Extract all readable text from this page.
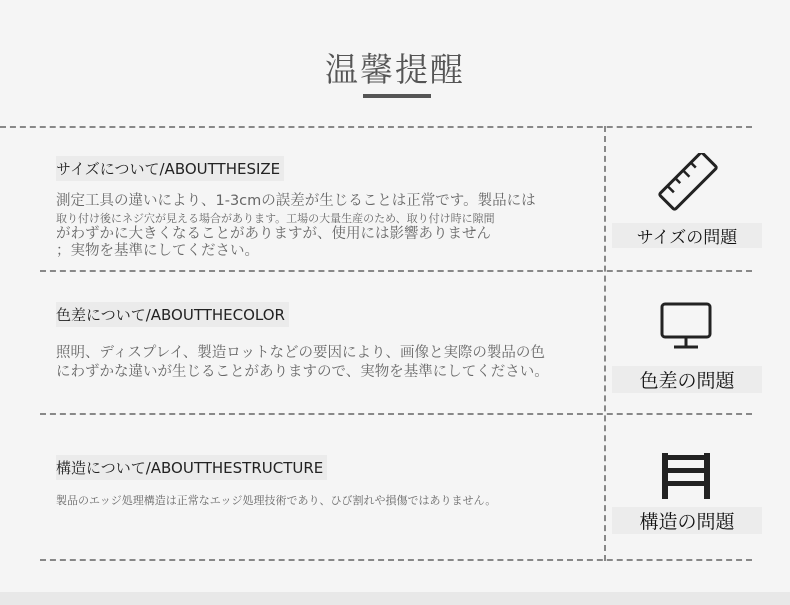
温馨提醒
サイズについて/ABOUTTHESIZE
測定工具の違いにより、1-3cmの誤差が生じることは正常です。製品には
取り付け後にネジ穴が見える場合があります。工場の大量生産のため、取り付け時に隙間
がわずかに大きくなることがありますが、使用には影響ありません
；実物を基準にしてください。
サイズの問題
色差について/ABOUTTHECOLOR
照明、ディスプレイ、製造ロットなどの要因により、画像と実際の製品の色
にわずかな違いが生じることがありますので、実物を基準にしてください。	色差の問題
構造について/ABOUTTHESTRUCTURE
製品のエッジ処理構造は正常なエッジ処理技術であり、ひび割れや損傷ではありません。
構造の問題
